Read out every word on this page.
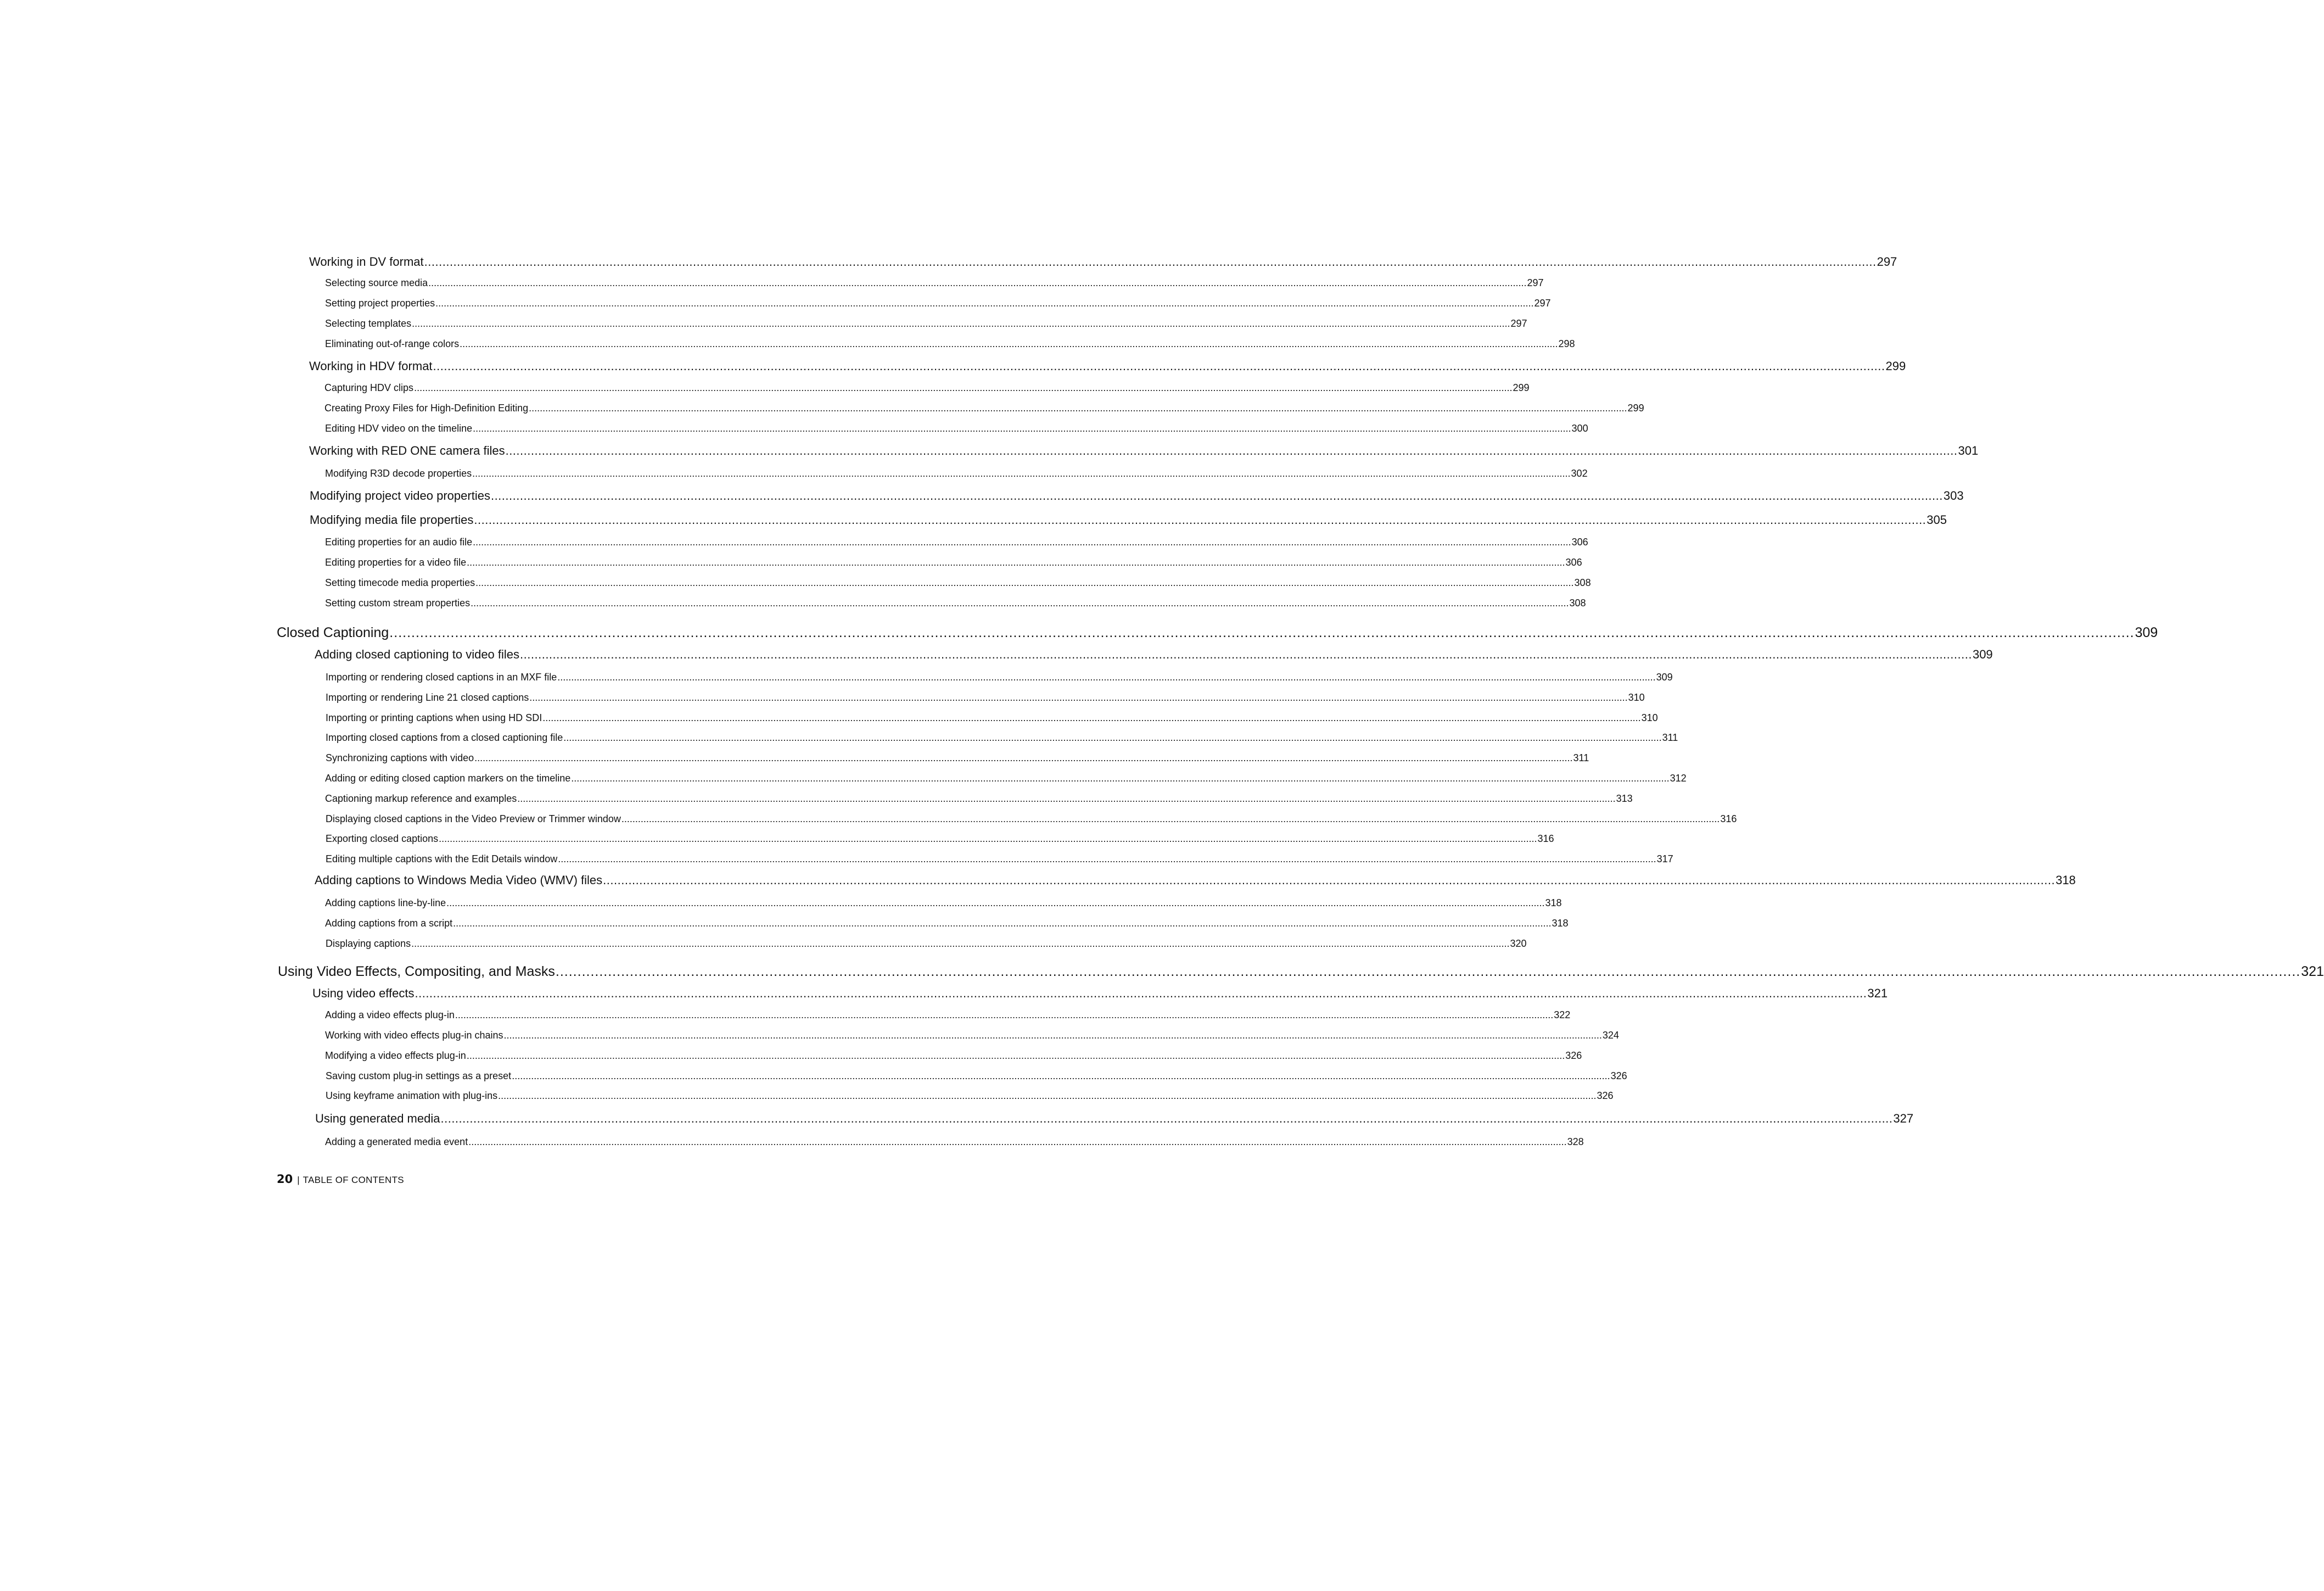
Working in DV format ................................................................................................................................................................................................................................................................................................................................................................................................................ 297
Selecting source media ................................................................................................................................................................................................................................................................................................................................................................................................................ 297
Setting project properties ................................................................................................................................................................................................................................................................................................................................................................................................................ 297
Selecting templates ................................................................................................................................................................................................................................................................................................................................................................................................................ 297
Eliminating out-of-range colors ................................................................................................................................................................................................................................................................................................................................................................................................................ 298
Working in HDV format ................................................................................................................................................................................................................................................................................................................................................................................................................ 299
Capturing HDV clips ................................................................................................................................................................................................................................................................................................................................................................................................................ 299
Creating Proxy Files for High-Definition Editing ................................................................................................................................................................................................................................................................................................................................................................................................................ 299
Editing HDV video on the timeline ................................................................................................................................................................................................................................................................................................................................................................................................................ 300
Working with RED ONE camera files ................................................................................................................................................................................................................................................................................................................................................................................................................ 301
Modifying R3D decode properties ................................................................................................................................................................................................................................................................................................................................................................................................................ 302
Modifying project video properties ................................................................................................................................................................................................................................................................................................................................................................................................................ 303
Modifying media file properties ................................................................................................................................................................................................................................................................................................................................................................................................................ 305
Editing properties for an audio file ................................................................................................................................................................................................................................................................................................................................................................................................................ 306
Editing properties for a video file ................................................................................................................................................................................................................................................................................................................................................................................................................ 306
Setting timecode media properties ................................................................................................................................................................................................................................................................................................................................................................................................................ 308
Setting custom stream properties ................................................................................................................................................................................................................................................................................................................................................................................................................ 308
Closed Captioning ................................................................................................................................................................................................................................................................................................................................................................................................................ 309
Adding closed captioning to video files ................................................................................................................................................................................................................................................................................................................................................................................................................ 309
Importing or rendering closed captions in an MXF file ................................................................................................................................................................................................................................................................................................................................................................................................................ 309
Importing or rendering Line 21 closed captions ................................................................................................................................................................................................................................................................................................................................................................................................................ 310
Importing or printing captions when using HD SDI ................................................................................................................................................................................................................................................................................................................................................................................................................ 310
Importing closed captions from a closed captioning file ................................................................................................................................................................................................................................................................................................................................................................................................................ 311
Synchronizing captions with video ................................................................................................................................................................................................................................................................................................................................................................................................................ 311
Adding or editing closed caption markers on the timeline ................................................................................................................................................................................................................................................................................................................................................................................................................ 312
Captioning markup reference and examples ................................................................................................................................................................................................................................................................................................................................................................................................................ 313
Displaying closed captions in the Video Preview or Trimmer window ................................................................................................................................................................................................................................................................................................................................................................................................................ 316
Exporting closed captions ................................................................................................................................................................................................................................................................................................................................................................................................................ 316
Editing multiple captions with the Edit Details window ................................................................................................................................................................................................................................................................................................................................................................................................................ 317
Adding captions to Windows Media Video (WMV) files ................................................................................................................................................................................................................................................................................................................................................................................................................ 318
Adding captions line-by-line ................................................................................................................................................................................................................................................................................................................................................................................................................ 318
Adding captions from a script ................................................................................................................................................................................................................................................................................................................................................................................................................ 318
Displaying captions ................................................................................................................................................................................................................................................................................................................................................................................................................ 320
Using Video Effects, Compositing, and Masks ................................................................................................................................................................................................................................................................................................................................................................................................................ 321
Using video effects ................................................................................................................................................................................................................................................................................................................................................................................................................ 321
Adding a video effects plug-in ................................................................................................................................................................................................................................................................................................................................................................................................................ 322
Working with video effects plug-in chains ................................................................................................................................................................................................................................................................................................................................................................................................................ 324
Modifying a video effects plug-in ................................................................................................................................................................................................................................................................................................................................................................................................................ 326
Saving custom plug-in settings as a preset ................................................................................................................................................................................................................................................................................................................................................................................................................ 326
Using keyframe animation with plug-ins ................................................................................................................................................................................................................................................................................................................................................................................................................ 326
Using generated media ................................................................................................................................................................................................................................................................................................................................................................................................................ 327
Adding a generated media event ................................................................................................................................................................................................................................................................................................................................................................................................................ 328
20 | TABLE OF CONTENTS
